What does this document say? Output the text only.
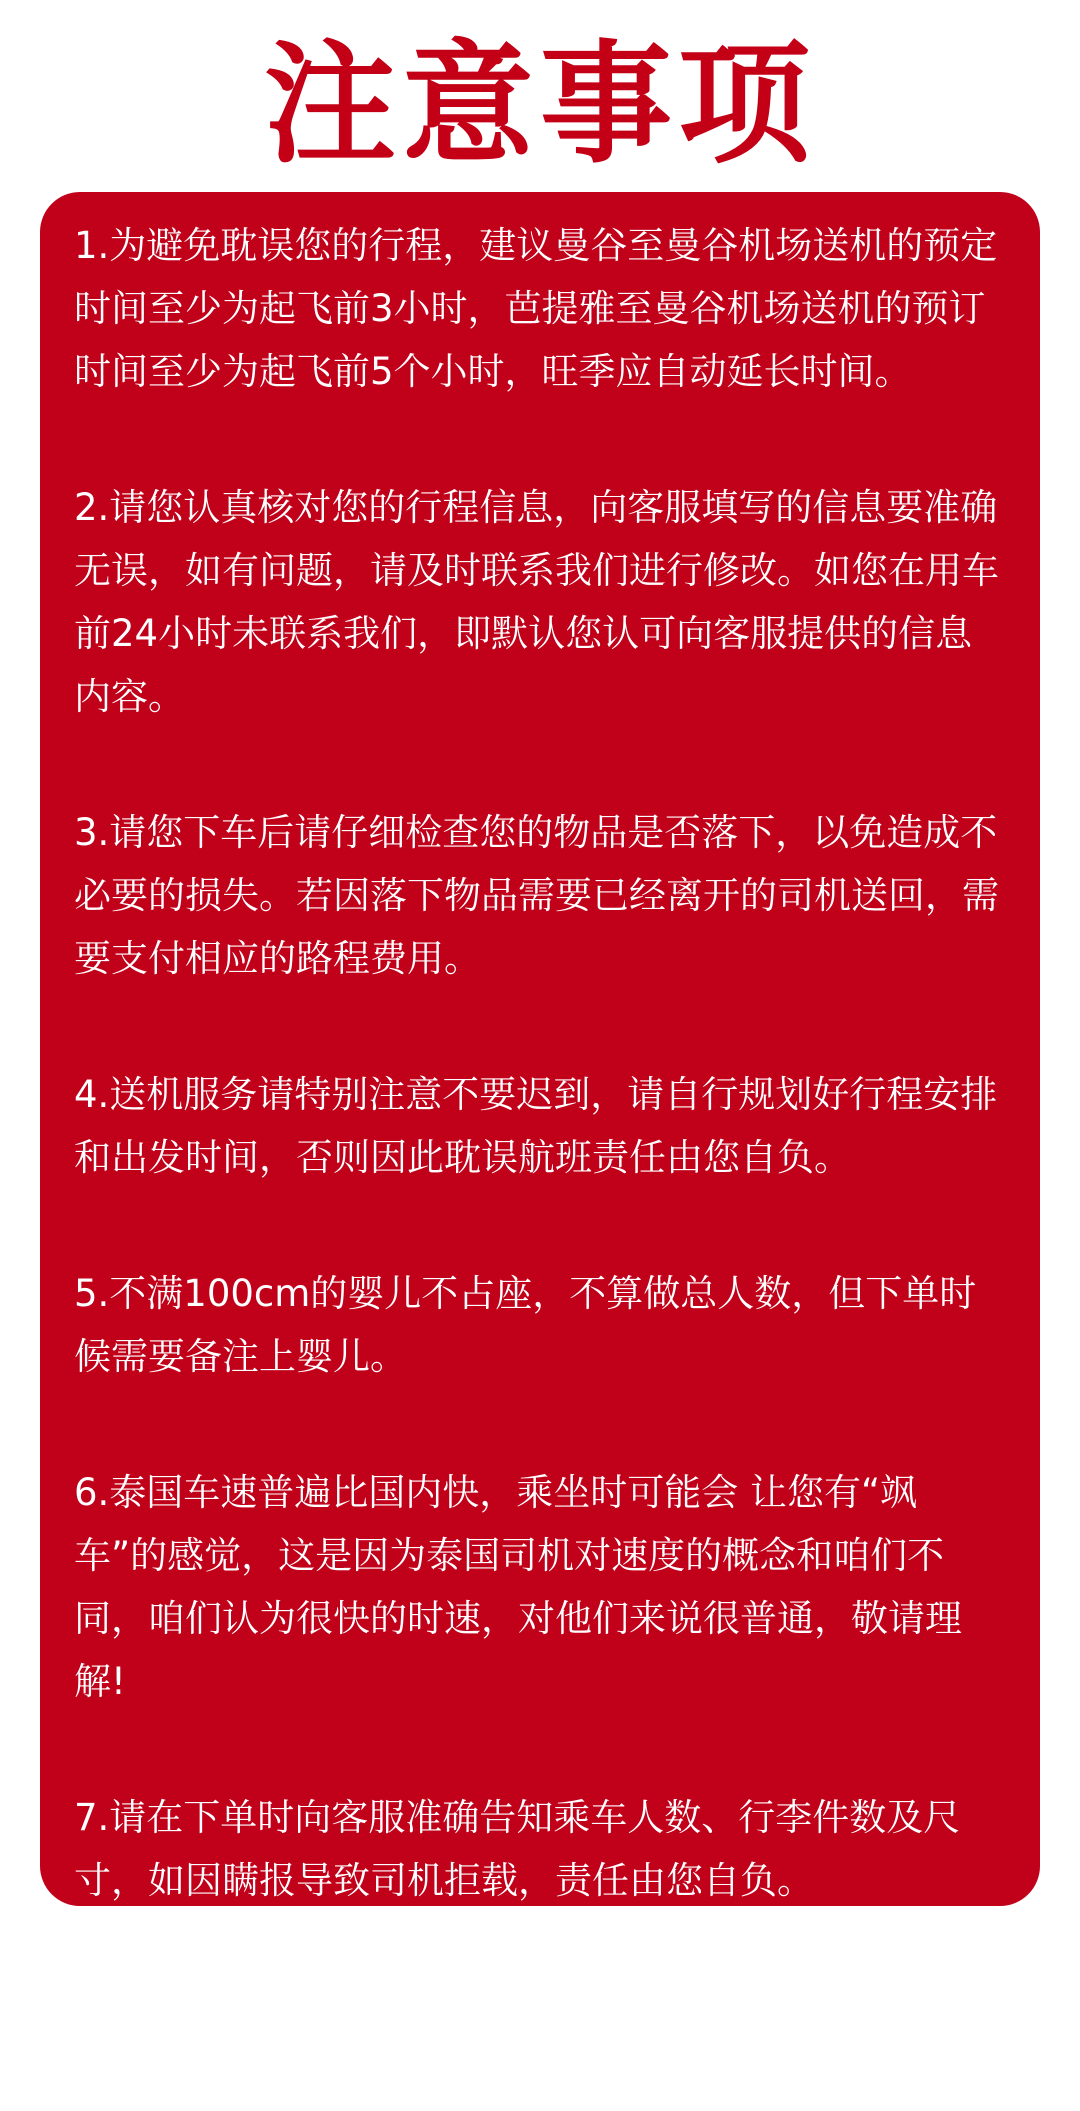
注意事项

1.为避免耽误您的行程，建议曼谷至曼谷机场送机的预定时间至少为起飞前3小时，芭提雅至曼谷机场送机的预订时间至少为起飞前5个小时，旺季应自动延长时间。

2.请您认真核对您的行程信息，向客服填写的信息要准确无误，如有问题，请及时联系我们进行修改。如您在用车前24小时未联系我们，即默认您认可向客服提供的信息内容。

3.请您下车后请仔细检查您的物品是否落下，以免造成不必要的损失。若因落下物品需要已经离开的司机送回，需要支付相应的路程费用。

4.送机服务请特别注意不要迟到，请自行规划好行程安排和出发时间，否则因此耽误航班责任由您自负。

5.不满100cm的婴儿不占座，不算做总人数，但下单时候需要备注上婴儿。

6.泰国车速普遍比国内快，乘坐时可能会 让您有“飒车”的感觉，这是因为泰国司机对速度的概念和咱们不同，咱们认为很快的时速，对他们来说很普通，敬请理解!

7.请在下单时向客服准确告知乘车人数、行李件数及尺寸，如因瞒报导致司机拒载，责任由您自负。

8.泰国是世界旅游圣地，机场客流量很大，司机在停车场有时会遇到堵车的情况，请您理解。
